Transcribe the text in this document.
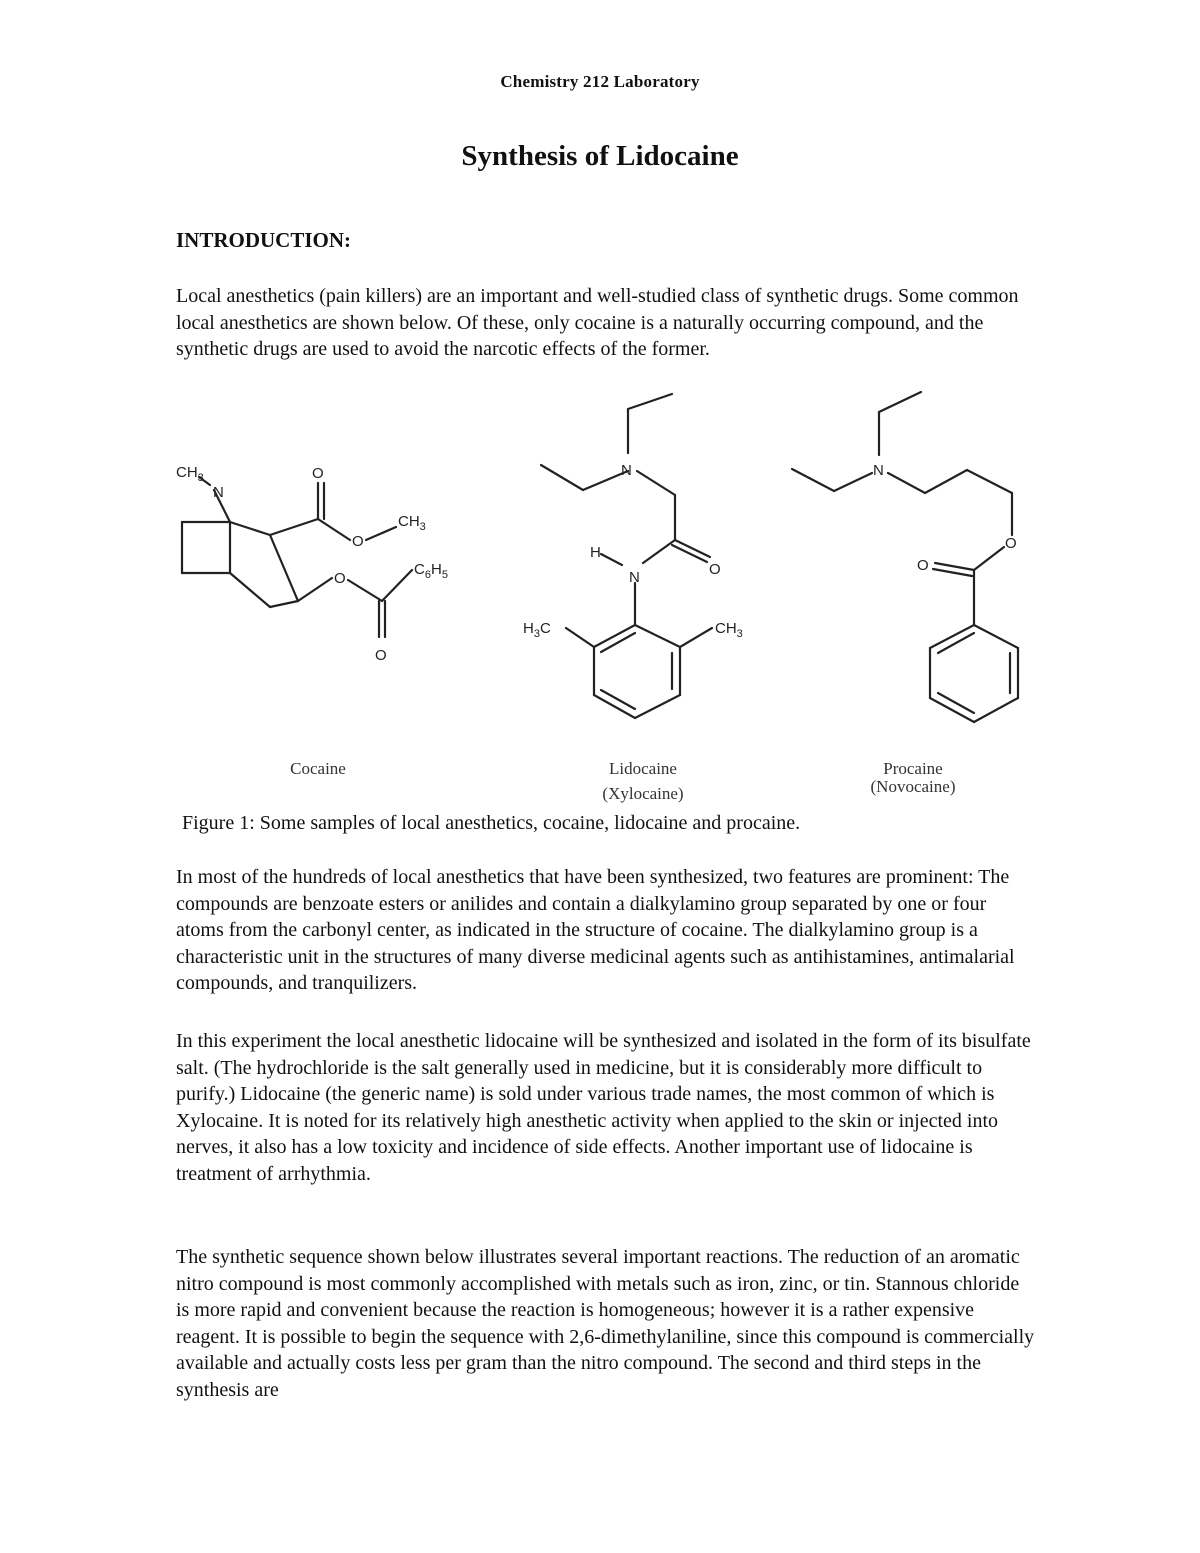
Chemistry 212 Laboratory
Synthesis of Lidocaine
INTRODUCTION:

Local anesthetics (pain killers) are an important and well-studied class of synthetic drugs. Some common local anesthetics are shown below. Of these, only cocaine is a naturally occurring compound, and the synthetic drugs are used to avoid the narcotic effects of the former.

$CH_3$
N
O
O
$CH_3$
O
$C_6H_5$
O
N
H
N	O
$H_3C$	$CH_3$
N
O
O
Cocaine	Lidocaine
(Xylocaine)
Procaine
(Novocaine)
Figure 1: Some samples of local anesthetics, cocaine, lidocaine and procaine.

In most of the hundreds of local anesthetics that have been synthesized, two features are prominent: The compounds are benzoate esters or anilides and contain a dialkylamino group separated by one or four atoms from the carbonyl center, as indicated in the structure of cocaine. The dialkylamino group is a characteristic unit in the structures of many diverse medicinal agents such as antihistamines, antimalarial compounds, and tranquilizers.

In this experiment the local anesthetic lidocaine will be synthesized and isolated in the form of its bisulfate salt. (The hydrochloride is the salt generally used in medicine, but it is considerably more difficult to purify.) Lidocaine (the generic name) is sold under various trade names, the most common of which is Xylocaine. It is noted for its relatively high anesthetic activity when applied to the skin or injected into nerves, it also has a low toxicity and incidence of side effects. Another important use of lidocaine is treatment of arrhythmia.

The synthetic sequence shown below illustrates several important reactions. The reduction of an aromatic nitro compound is most commonly accomplished with metals such as iron, zinc, or tin. Stannous chloride is more rapid and convenient because the reaction is homogeneous; however it is a rather expensive reagent. It is possible to begin the sequence with 2,6-dimethylaniline, since this compound is commercially available and actually costs less per gram than the nitro compound. The second and third steps in the synthesis are
